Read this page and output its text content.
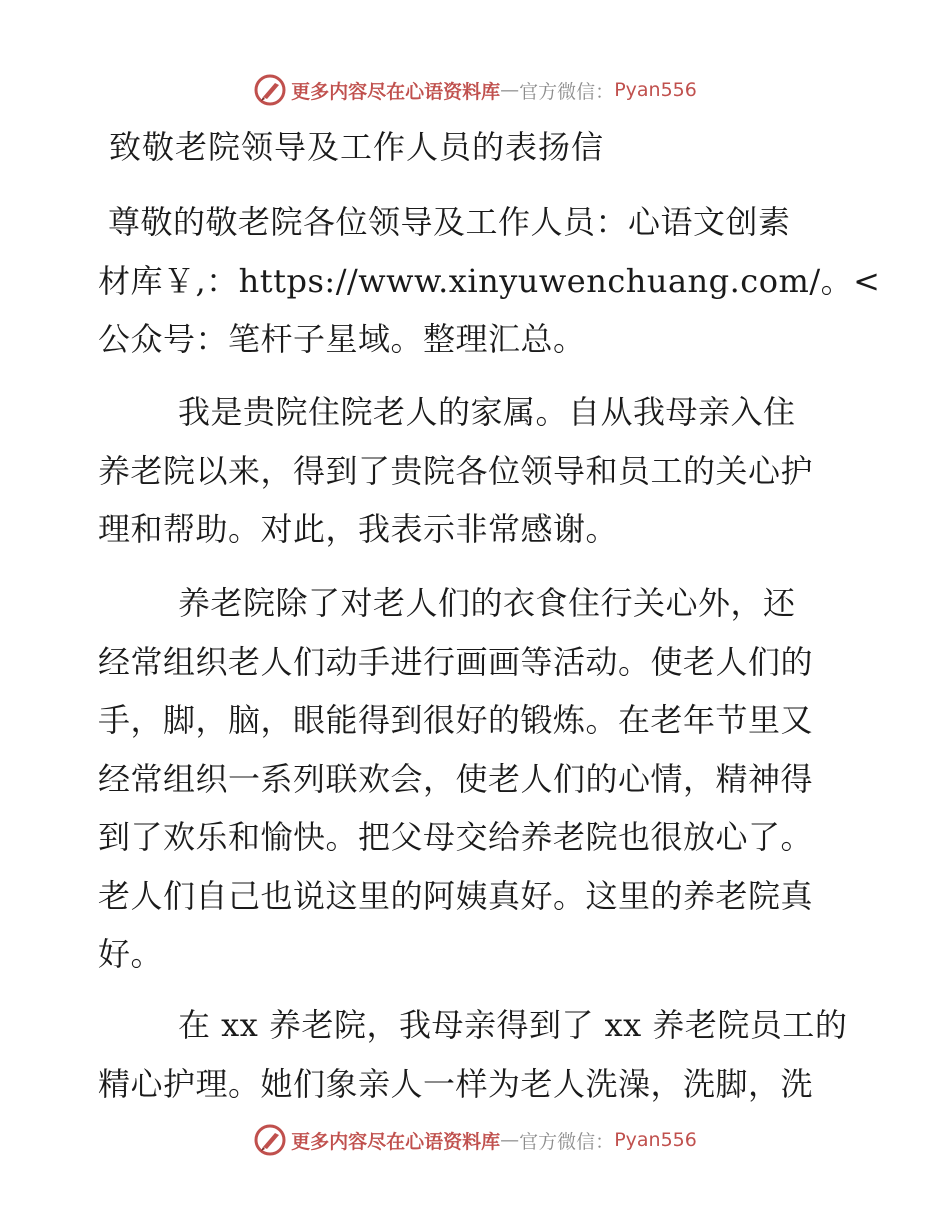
更多内容尽在心语资料库 — 官方微信： Pyan556
致敬老院领导及工作人员的表扬信
尊敬的敬老院各位领导及工作人员：心语文创素
材库￥,：https://www.xinyuwenchuang.com/。<
公众号：笔杆子星域。整理汇总。
我是贵院住院老人的家属。自从我母亲入住
养老院以来，得到了贵院各位领导和员工的关心护
理和帮助。对此，我表示非常感谢。
养老院除了对老人们的衣食住行关心外，还
经常组织老人们动手进行画画等活动。使老人们的
手，脚，脑，眼能得到很好的锻炼。在老年节里又
经常组织一系列联欢会，使老人们的心情，精神得
到了欢乐和愉快。把父母交给养老院也很放心了。
老人们自己也说这里的阿姨真好。这里的养老院真
好。
在 xx 养老院，我母亲得到了 xx 养老院员工的
精心护理。她们象亲人一样为老人洗澡，洗脚，洗
更多内容尽在心语资料库 — 官方微信： Pyan556
